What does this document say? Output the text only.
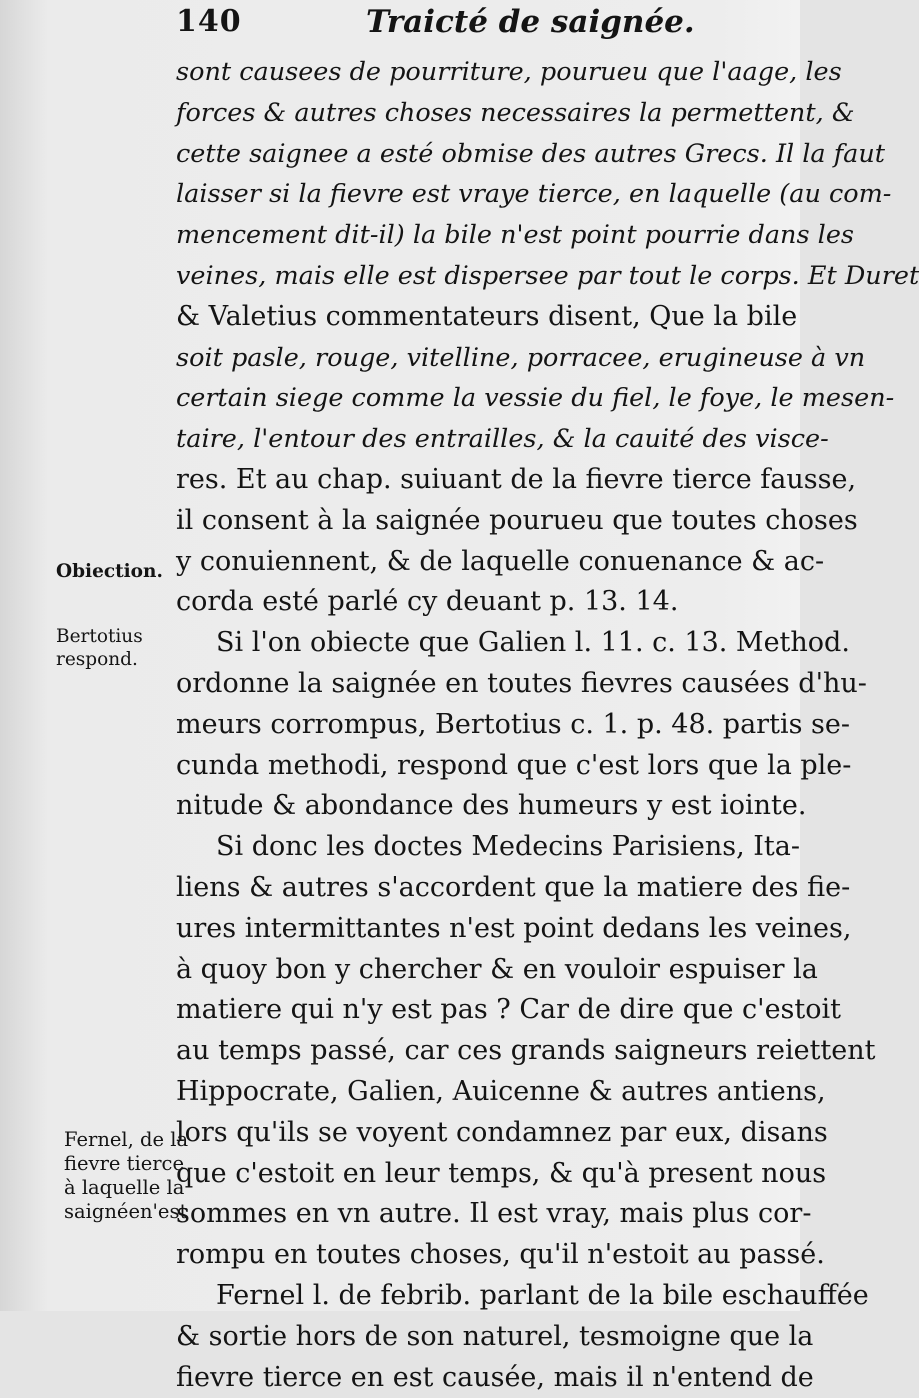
140	Traicté de saignée.
Obiection.
Bertotius
respond.
Fernel, de la
fievre tierce
à laquelle la
saignéen'est
sont causees de pourriture, pourueu que l'aage, les
forces & autres choses necessaires la permettent, &
cette saignee a esté obmise des autres Grecs. Il la faut
laisser si la fievre est vraye tierce, en laquelle (au com-
mencement dit-il) la bile n'est point pourrie dans les
veines, mais elle est dispersee par tout le corps. Et Duret
& Valetius commentateurs disent, Que la bile
soit pasle, rouge, vitelline, porracee, erugineuse à vn
certain siege comme la vessie du fiel, le foye, le mesen-
taire, l'entour des entrailles, & la cauité des visce-
res. Et au chap. suiuant de la fievre tierce fausse,
il consent à la saignée pourueu que toutes choses
y conuiennent, & de laquelle conuenance & ac-
corda esté parlé cy deuant p. 13. 14.
Si l'on obiecte que Galien l. 11. c. 13. Method.
ordonne la saignée en toutes fievres causées d'hu-
meurs corrompus, Bertotius c. 1. p. 48. partis se-
cunda methodi, respond que c'est lors que la ple-
nitude & abondance des humeurs y est iointe.
Si donc les doctes Medecins Parisiens, Ita-
liens & autres s'accordent que la matiere des fie-
ures intermittantes n'est point dedans les veines,
à quoy bon y chercher & en vouloir espuiser la
matiere qui n'y est pas ? Car de dire que c'estoit
au temps passé, car ces grands saigneurs reiettent
Hippocrate, Galien, Auicenne & autres antiens,
lors qu'ils se voyent condamnez par eux, disans
que c'estoit en leur temps, & qu'à present nous
sommes en vn autre. Il est vray, mais plus cor-
rompu en toutes choses, qu'il n'estoit au passé.
Fernel l. de febrib. parlant de la bile eschauffée
& sortie hors de son naturel, tesmoigne que la
fievre tierce en est causée, mais il n'entend de
